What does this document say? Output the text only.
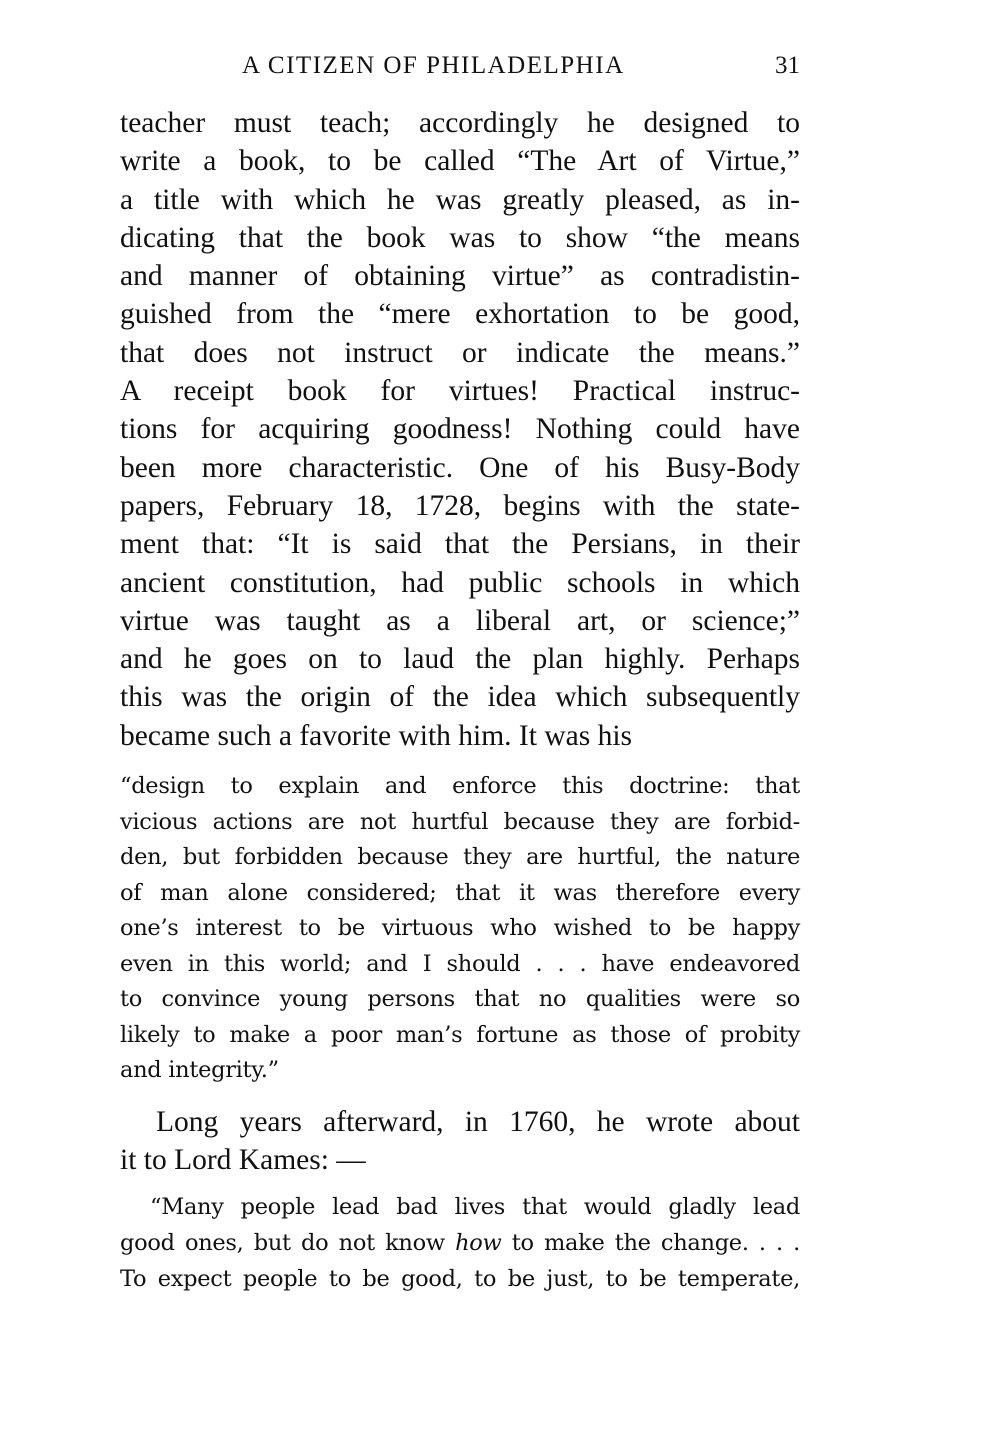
A CITIZEN OF PHILADELPHIA	31
teacher must teach; accordingly he designed to
write a book, to be called “The Art of Virtue,”
a title with which he was greatly pleased, as in-
dicating that the book was to show “the means
and manner of obtaining virtue” as contradistin-
guished from the “mere exhortation to be good,
that does not instruct or indicate the means.”
A receipt book for virtues! Practical instruc-
tions for acquiring goodness! Nothing could have
been more characteristic. One of his Busy-Body
papers, February 18, 1728, begins with the state-
ment that: “It is said that the Persians, in their
ancient constitution, had public schools in which
virtue was taught as a liberal art, or science;”
and he goes on to laud the plan highly. Perhaps
this was the origin of the idea which subsequently
became such a favorite with him. It was his
“design to explain and enforce this doctrine: that
vicious actions are not hurtful because they are forbid-
den, but forbidden because they are hurtful, the nature
of man alone considered; that it was therefore every
one’s interest to be virtuous who wished to be happy
even in this world; and I should . . . have endeavored
to convince young persons that no qualities were so
likely to make a poor man’s fortune as those of probity
and integrity.”
Long years afterward, in 1760, he wrote about
it to Lord Kames: —
“Many people lead bad lives that would gladly lead
good ones, but do not know how to make the change. . . .
To expect people to be good, to be just, to be temperate,
